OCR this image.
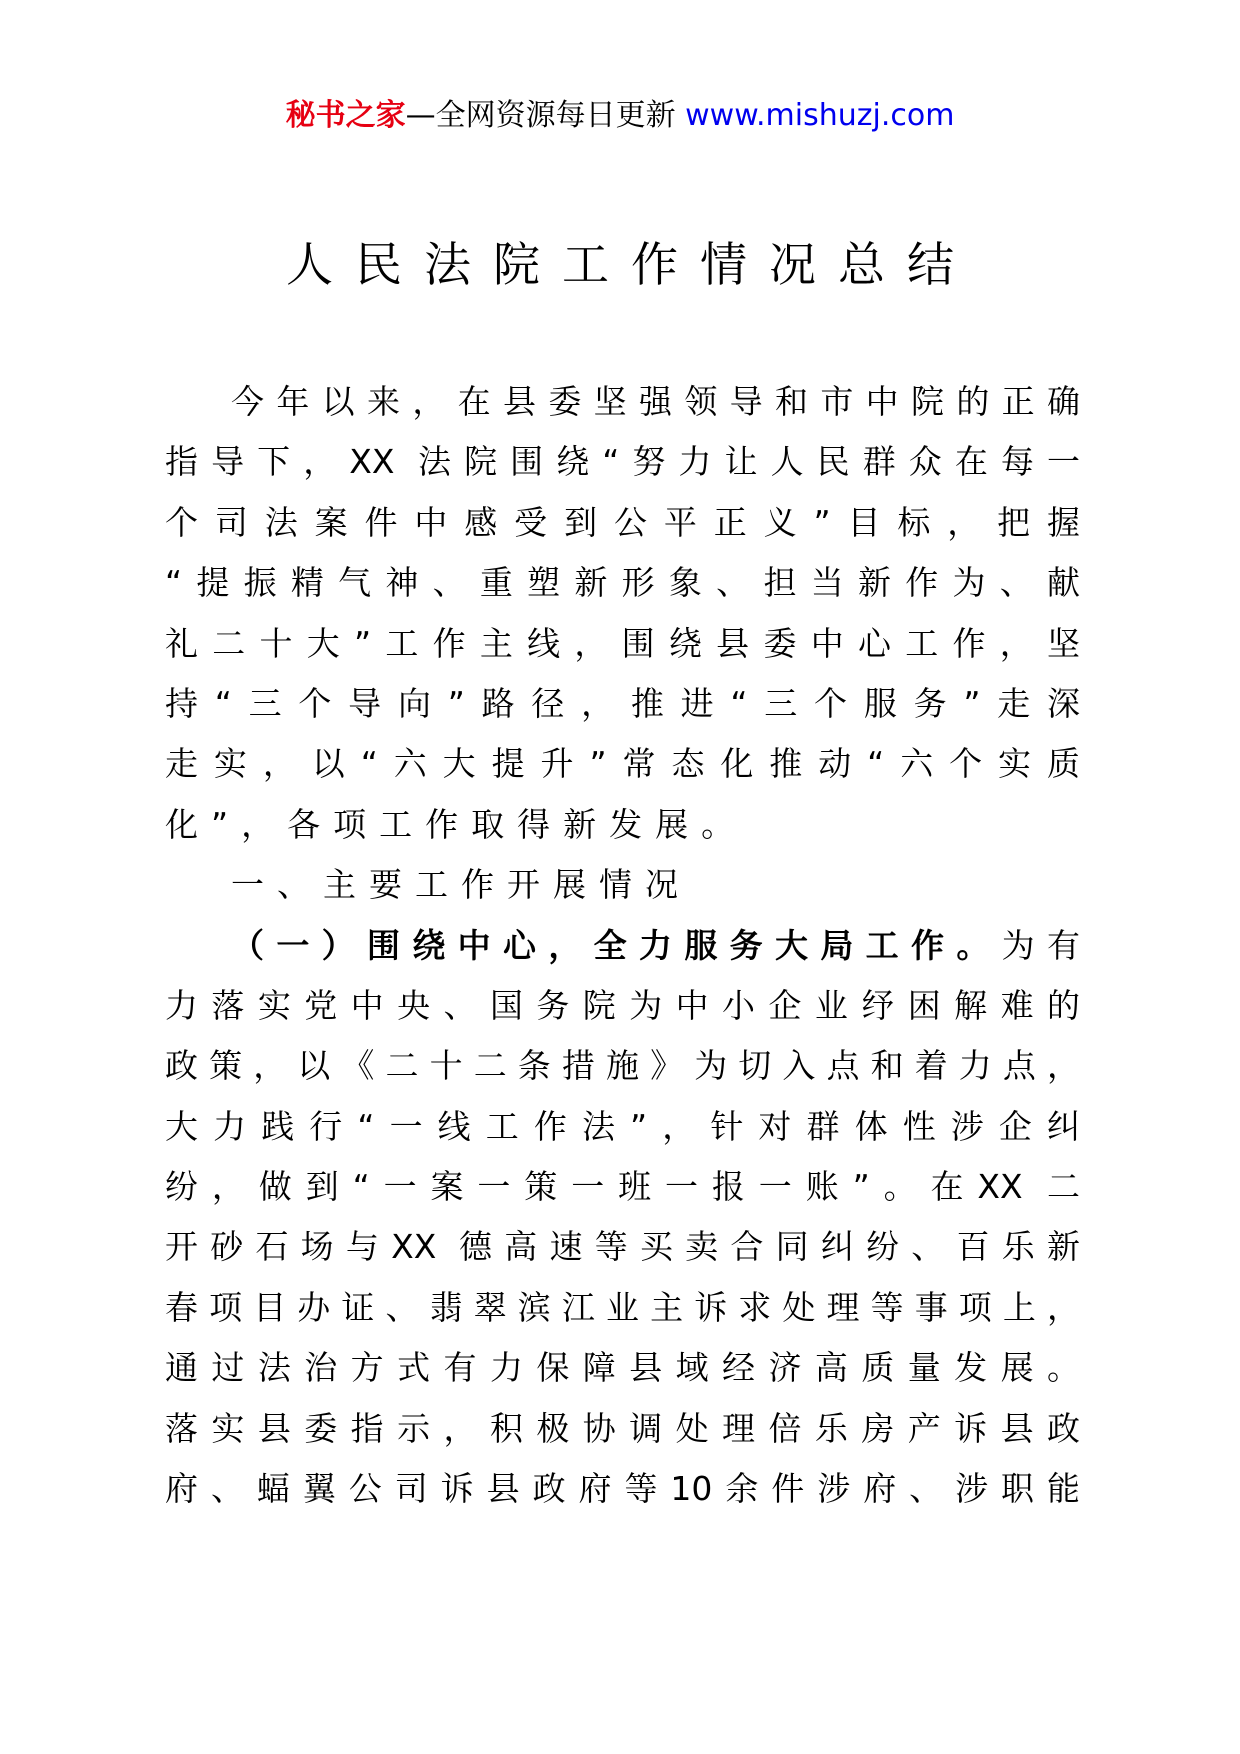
秘书之家—全网资源每日更新 www.mishuzj.com
人民法院工作情况总结
今年以来，在县委坚强领导和市中院的正确
指导下，XX 法院围绕“努力让人民群众在每一
个司法案件中感受到公平正义”目标，把握
“提振精气神、重塑新形象、担当新作为、献
礼二十大”工作主线，围绕县委中心工作，坚
持“三个导向”路径，推进“三个服务”走深
走实，以“六大提升”常态化推动“六个实质
化”，各项工作取得新发展。
一、主要工作开展情况
（一）围绕中心，全力服务大局工作。为有
力落实党中央、国务院为中小企业纾困解难的
政策，以《二十二条措施》为切入点和着力点，
大力践行“一线工作法”，针对群体性涉企纠
纷，做到“一案一策一班一报一账”。在XX 二
开砂石场与XX 德高速等买卖合同纠纷、百乐新
春项目办证、翡翠滨江业主诉求处理等事项上，
通过法治方式有力保障县域经济高质量发展。
落实县委指示，积极协调处理倍乐房产诉县政
府、蝠翼公司诉县政府等10余件涉府、涉职能
